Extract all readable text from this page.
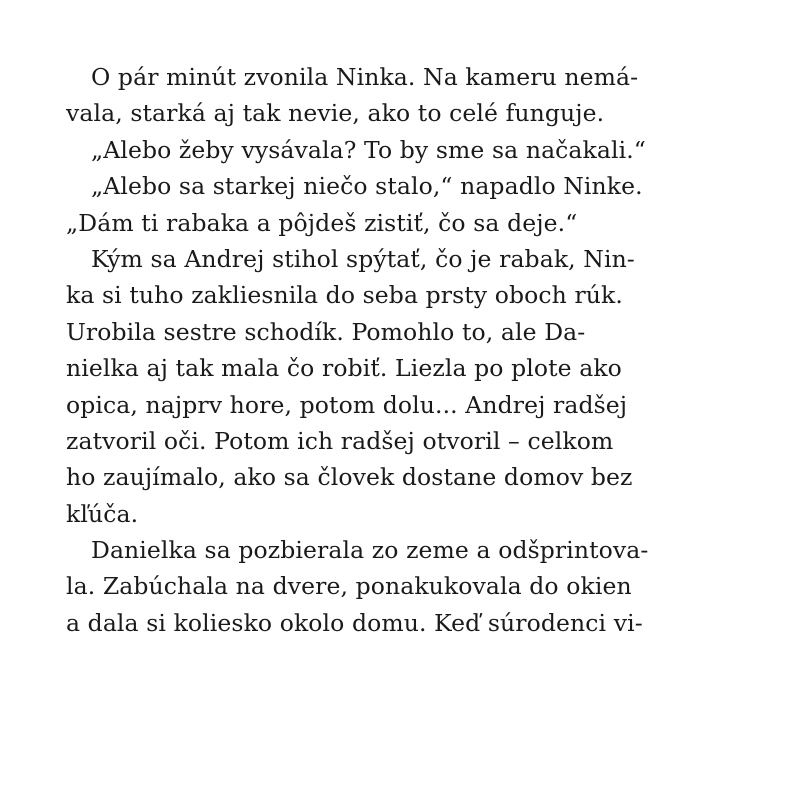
O pár minút zvonila Ninka. Na kameru nemá-
vala, starká aj tak nevie, ako to celé funguje.
„Alebo žeby vysávala? To by sme sa načakali.“
„Alebo sa starkej niečo stalo,“ napadlo Ninke.
„Dám ti rabaka a pôjdeš zistiť, čo sa deje.“
Kým sa Andrej stihol spýtať, čo je rabak, Nin-
ka si tuho zakliesnila do seba prsty oboch rúk.
Urobila sestre schodík. Pomohlo to, ale Da-
nielka aj tak mala čo robiť. Liezla po plote ako
opica, najprv hore, potom dolu... Andrej radšej
zatvoril oči. Potom ich radšej otvoril – celkom
ho zaujímalo, ako sa človek dostane domov bez
kľúča.
Danielka sa pozbierala zo zeme a odšprintova-
la. Zabúchala na dvere, ponakukovala do okien
a dala si koliesko okolo domu. Keď súrodenci vi-
